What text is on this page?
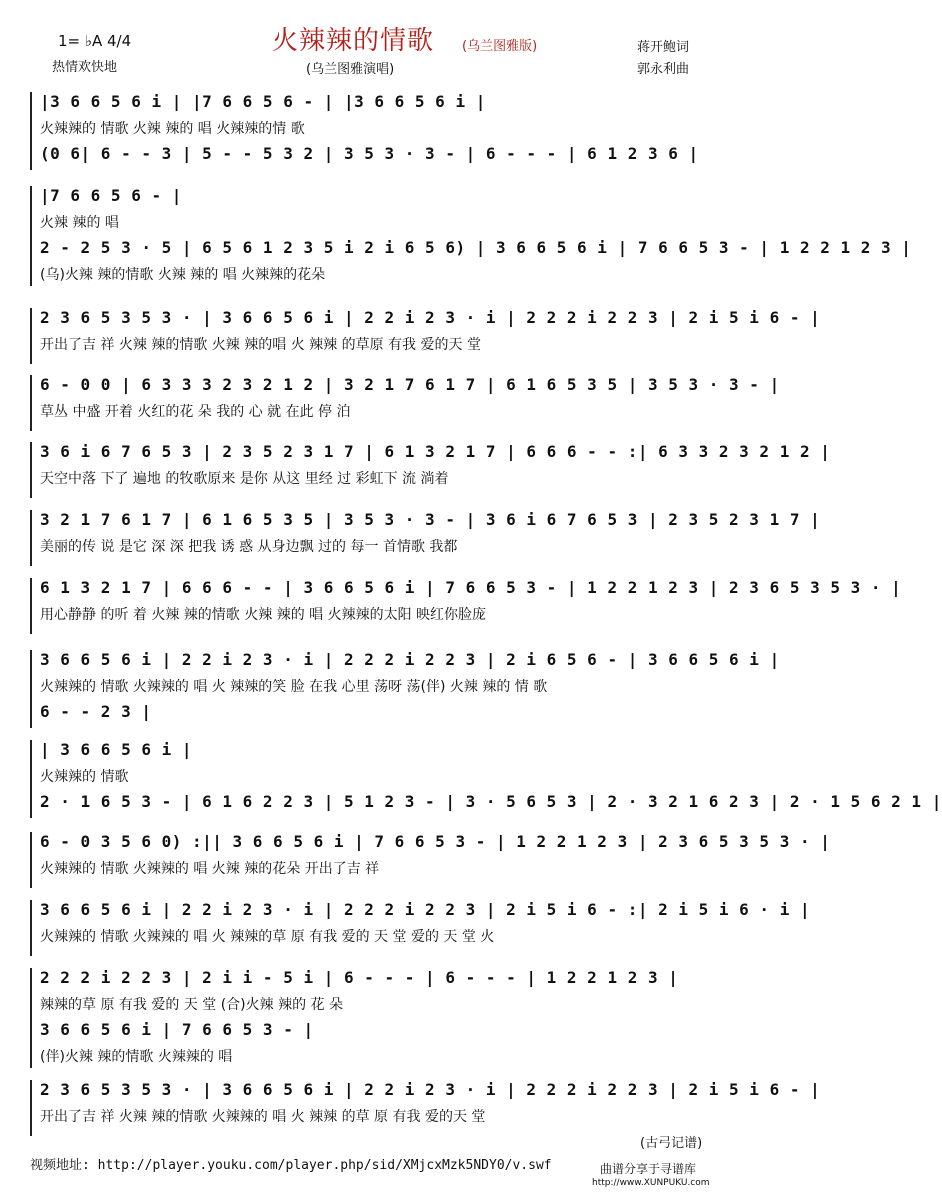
1= ♭A 4/4
热情欢快地
火辣辣的情歌 (乌兰图雅版)
(乌兰图雅演唱)
蒋开鲍词
郭永利曲
|3 6 6 5 6 i | |7 6 6 5 6 - | |3 6 6 5 6 i |
火辣辣的 情歌 火辣 辣的 唱 火辣辣的情 歌
(0 6| 6 - - 3 | 5 - - 5 3 2 | 3 5 3 · 3 - | 6 - - - | 6 1 2 3 6 |
|7 6 6 5 6 - |
火辣 辣的 唱
2 - 2 5 3 · 5 | 6 5 6 1 2 3 5 i 2 i 6 5 6) | 3 6 6 5 6 i | 7 6 6 5 3 - | 1 2 2 1 2 3 |
(乌)火辣 辣的情歌 火辣 辣的 唱 火辣辣的花朵
2 3 6 5 3 5 3 · | 3 6 6 5 6 i | 2 2 i 2 3 · i | 2 2 2 i 2 2 3 | 2 i 5 i 6 - |
开出了吉 祥 火辣 辣的情歌 火辣 辣的唱 火 辣辣 的草原 有我 爱的天 堂
6 - 0 0 | 6 3 3 3 2 3 2 1 2 | 3 2 1 7 6 1 7 | 6 1 6 5 3 5 | 3 5 3 · 3 - |
草丛 中盛 开着 火红的花 朵 我的 心 就 在此 停 泊
3 6 i 6 7 6 5 3 | 2 3 5 2 3 1 7 | 6 1 3 2 1 7 | 6 6 6 - - :| 6 3 3 2 3 2 1 2 |
天空中落 下了 遍地 的牧歌原来 是你 从这 里经 过 彩虹下 流 淌着
3 2 1 7 6 1 7 | 6 1 6 5 3 5 | 3 5 3 · 3 - | 3 6 i 6 7 6 5 3 | 2 3 5 2 3 1 7 |
美丽的传 说 是它 深 深 把我 诱 惑 从身边飘 过的 每一 首情歌 我都
6 1 3 2 1 7 | 6 6 6 - - | 3 6 6 5 6 i | 7 6 6 5 3 - | 1 2 2 1 2 3 | 2 3 6 5 3 5 3 · |
用心静静 的听 着 火辣 辣的情歌 火辣 辣的 唱 火辣辣的太阳 映红你脸庞
3 6 6 5 6 i | 2 2 i 2 3 · i | 2 2 2 i 2 2 3 | 2 i 6 5 6 - | 3 6 6 5 6 i |
火辣辣的 情歌 火辣辣的 唱 火 辣辣的笑 脸 在我 心里 荡呀 荡(伴) 火辣 辣的 情 歌
6 - - 2 3 |
| 3 6 6 5 6 i |
火辣辣的 情歌
2 · 1 6 5 3 - | 6 1 6 2 2 3 | 5 1 2 3 - | 3 · 5 6 5 3 | 2 · 3 2 1 6 2 3 | 2 · 1 5 6 2 1 |
6 - 0 3 5 6 0) :|| 3 6 6 5 6 i | 7 6 6 5 3 - | 1 2 2 1 2 3 | 2 3 6 5 3 5 3 · |
火辣辣的 情歌 火辣辣的 唱 火辣 辣的花朵 开出了吉 祥
3 6 6 5 6 i | 2 2 i 2 3 · i | 2 2 2 i 2 2 3 | 2 i 5 i 6 - :| 2 i 5 i 6 · i |
火辣辣的 情歌 火辣辣的 唱 火 辣辣的草 原 有我 爱的 天 堂 爱的 天 堂 火
2 2 2 i 2 2 3 | 2 i i - 5 i | 6 - - - | 6 - - - | 1 2 2 1 2 3 |
辣辣的草 原 有我 爱的 天 堂 (合)火辣 辣的 花 朵
3 6 6 5 6 i | 7 6 6 5 3 - |
(伴)火辣 辣的情歌 火辣辣的 唱
2 3 6 5 3 5 3 · | 3 6 6 5 6 i | 2 2 i 2 3 · i | 2 2 2 i 2 2 3 | 2 i 5 i 6 - |
开出了吉 祥 火辣 辣的情歌 火辣辣的 唱 火 辣辣 的草 原 有我 爱的天 堂
(古弓记谱)
视频地址: http://player.youku.com/player.php/sid/XMjcxMzk5NDY0/v.swf	曲谱分享于寻谱库
http://www.XUNPUKU.com
